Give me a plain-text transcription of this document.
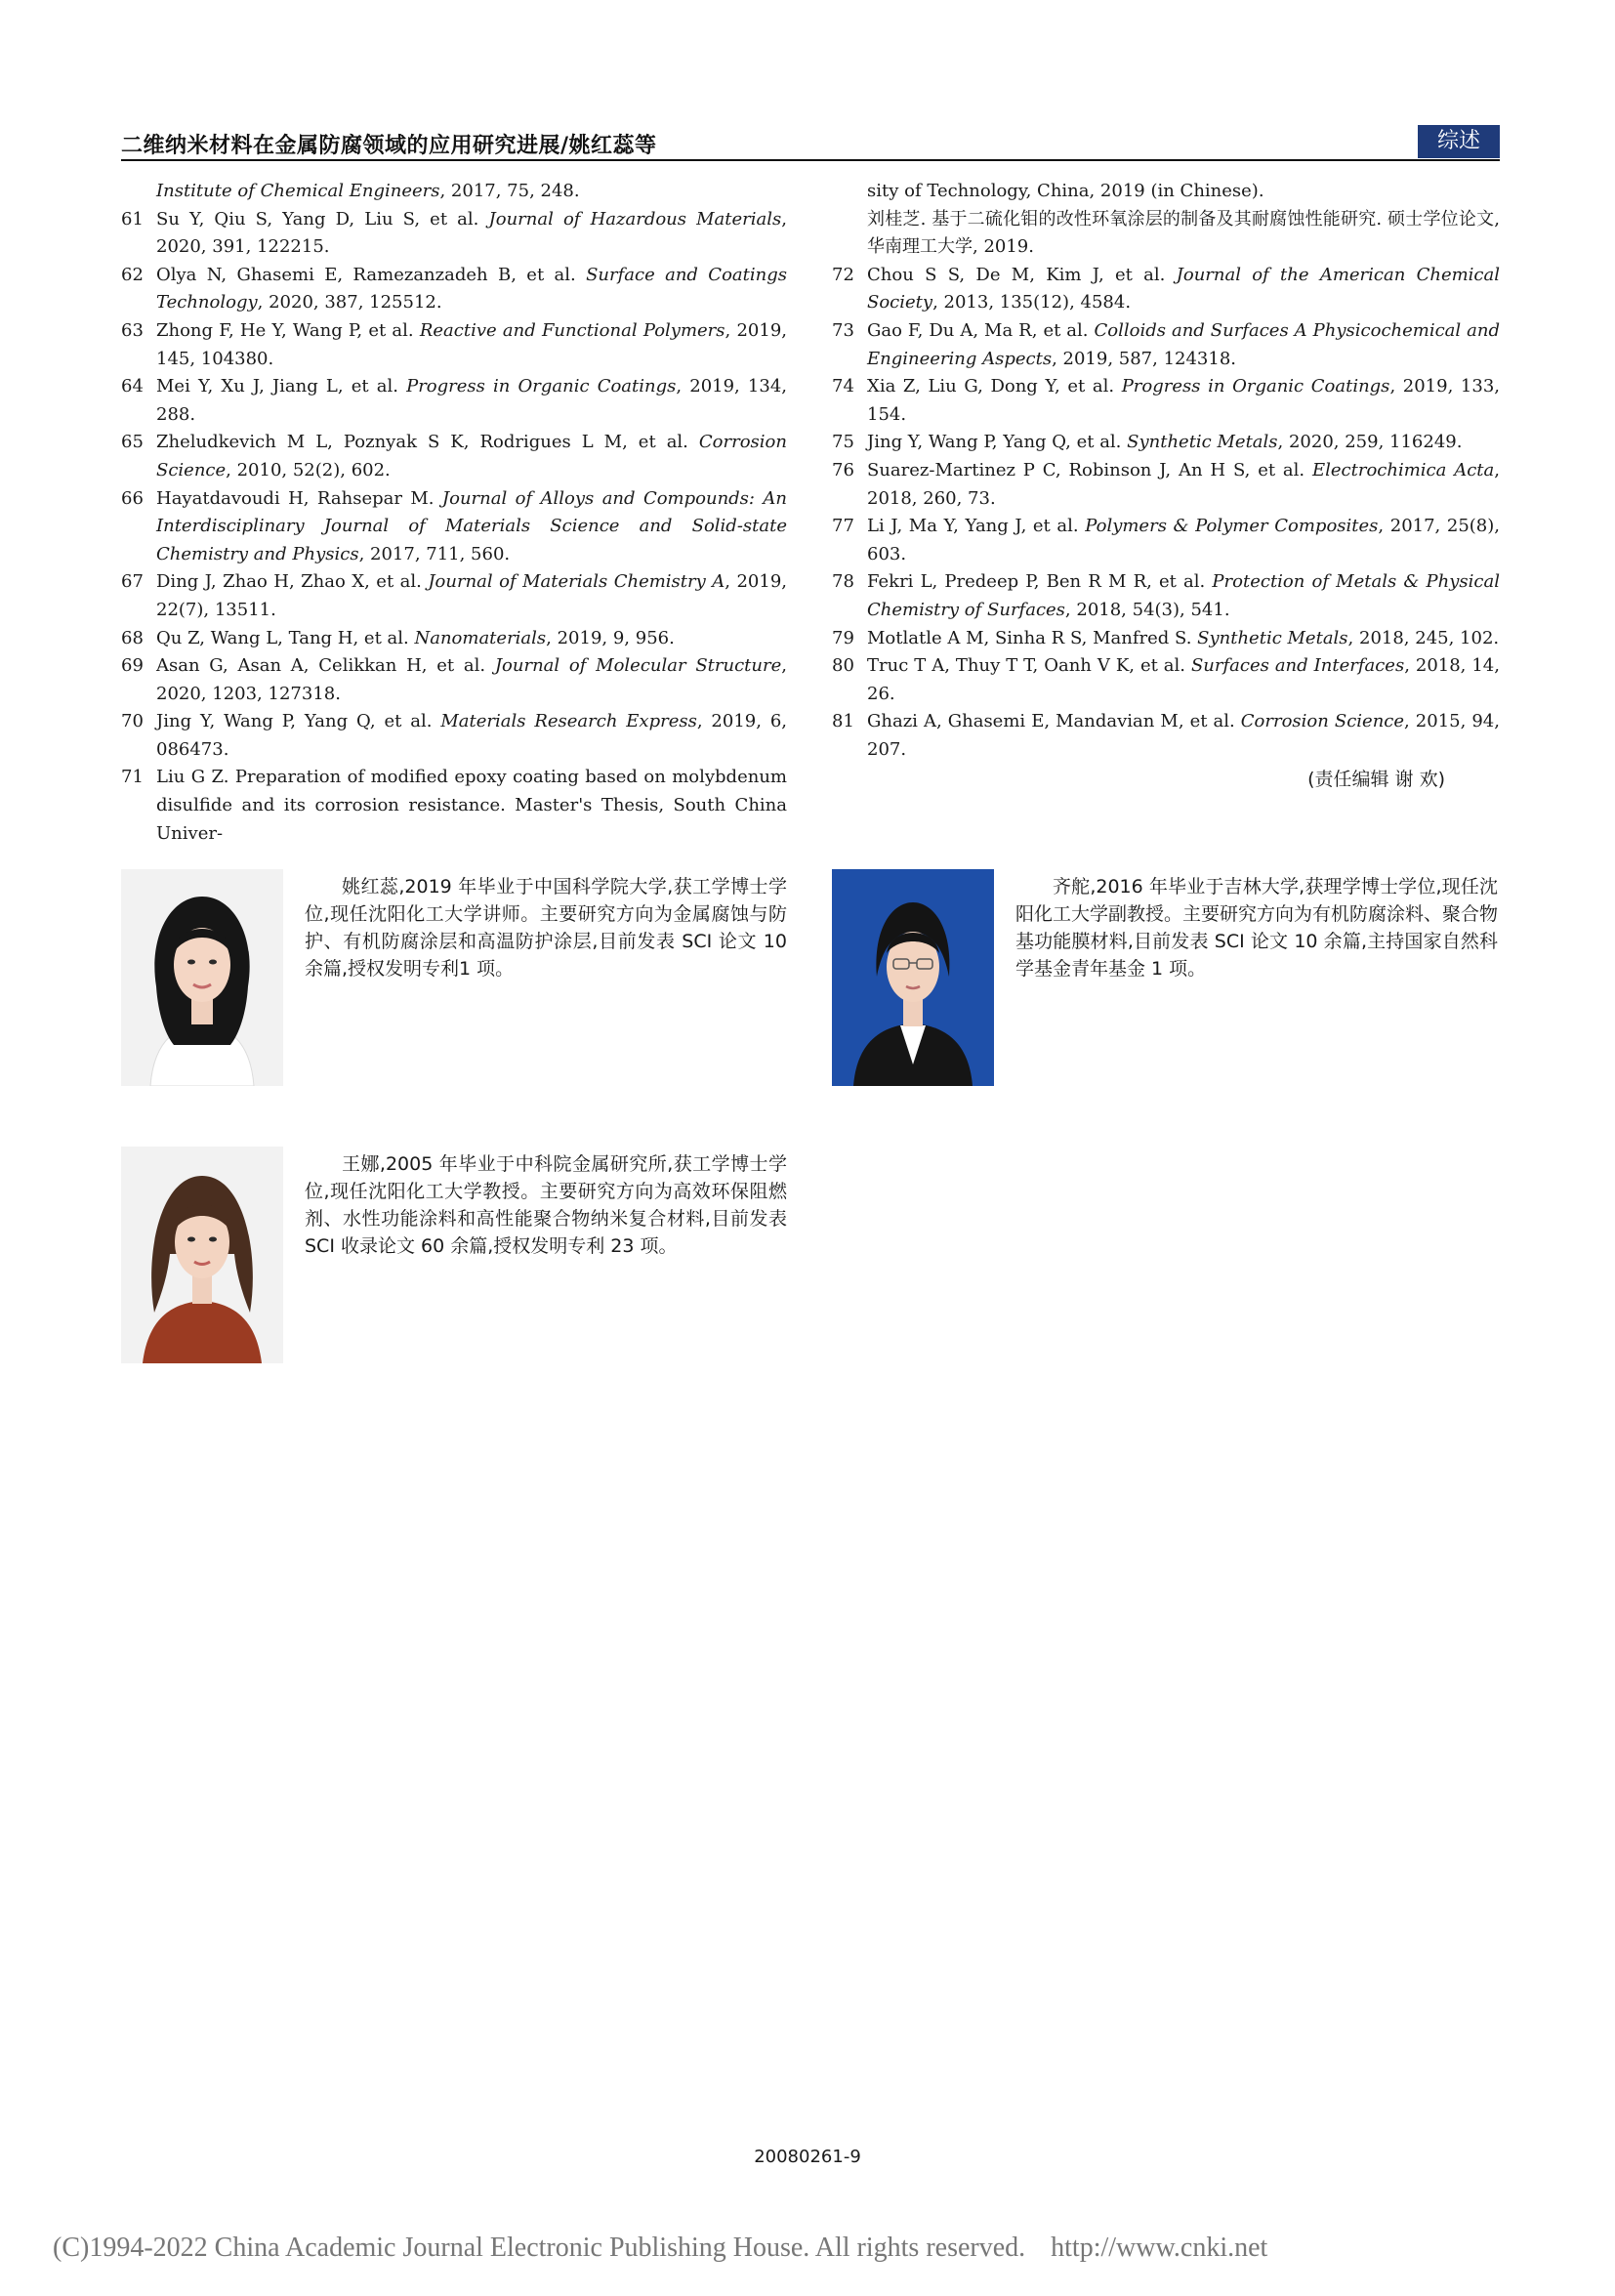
二维纳米材料在金属防腐领域的应用研究进展/姚红蕊等	综述
Institute of Chemical Engineers, 2017, 75, 248.
61 Su Y, Qiu S, Yang D, Liu S, et al. Journal of Hazardous Materials, 2020, 391, 122215.
62 Olya N, Ghasemi E, Ramezanzadeh B, et al. Surface and Coatings Technology, 2020, 387, 125512.
63 Zhong F, He Y, Wang P, et al. Reactive and Functional Polymers, 2019, 145, 104380.
64 Mei Y, Xu J, Jiang L, et al. Progress in Organic Coatings, 2019, 134, 288.
65 Zheludkevich M L, Poznyak S K, Rodrigues L M, et al. Corrosion Science, 2010, 52(2), 602.
66 Hayatdavoudi H, Rahsepar M. Journal of Alloys and Compounds: An Interdisciplinary Journal of Materials Science and Solid-state Chemistry and Physics, 2017, 711, 560.
67 Ding J, Zhao H, Zhao X, et al. Journal of Materials Chemistry A, 2019, 22(7), 13511.
68 Qu Z, Wang L, Tang H, et al. Nanomaterials, 2019, 9, 956.
69 Asan G, Asan A, Celikkan H, et al. Journal of Molecular Structure, 2020, 1203, 127318.
70 Jing Y, Wang P, Yang Q, et al. Materials Research Express, 2019, 6, 086473.
71 Liu G Z. Preparation of modified epoxy coating based on molybdenum disulfide and its corrosion resistance. Master's Thesis, South China Univer-
sity of Technology, China, 2019 (in Chinese).
刘桂芝. 基于二硫化钼的改性环氧涂层的制备及其耐腐蚀性能研究. 硕士学位论文, 华南理工大学, 2019.
72 Chou S S, De M, Kim J, et al. Journal of the American Chemical Society, 2013, 135(12), 4584.
73 Gao F, Du A, Ma R, et al. Colloids and Surfaces A Physicochemical and Engineering Aspects, 2019, 587, 124318.
74 Xia Z, Liu G, Dong Y, et al. Progress in Organic Coatings, 2019, 133, 154.
75 Jing Y, Wang P, Yang Q, et al. Synthetic Metals, 2020, 259, 116249.
76 Suarez-Martinez P C, Robinson J, An H S, et al. Electrochimica Acta, 2018, 260, 73.
77 Li J, Ma Y, Yang J, et al. Polymers & Polymer Composites, 2017, 25(8), 603.
78 Fekri L, Predeep P, Ben R M R, et al. Protection of Metals & Physical Chemistry of Surfaces, 2018, 54(3), 541.
79 Motlatle A M, Sinha R S, Manfred S. Synthetic Metals, 2018, 245, 102.
80 Truc T A, Thuy T T, Oanh V K, et al. Surfaces and Interfaces, 2018, 14, 26.
81 Ghazi A, Ghasemi E, Mandavian M, et al. Corrosion Science, 2015, 94, 207.
(责任编辑 谢 欢)
姚红蕊,2019 年毕业于中国科学院大学,获工学博士学位,现任沈阳化工大学讲师。主要研究方向为金属腐蚀与防护、有机防腐涂层和高温防护涂层,目前发表 SCI 论文 10 余篇,授权发明专利1 项。
齐舵,2016 年毕业于吉林大学,获理学博士学位,现任沈阳化工大学副教授。主要研究方向为有机防腐涂料、聚合物基功能膜材料,目前发表 SCI 论文 10 余篇,主持国家自然科学基金青年基金 1 项。
王娜,2005 年毕业于中科院金属研究所,获工学博士学位,现任沈阳化工大学教授。主要研究方向为高效环保阻燃剂、水性功能涂料和高性能聚合物纳米复合材料,目前发表 SCI 收录论文 60 余篇,授权发明专利 23 项。
20080261-9
(C)1994-2022 China Academic Journal Electronic Publishing House. All rights reserved. http://www.cnki.net
